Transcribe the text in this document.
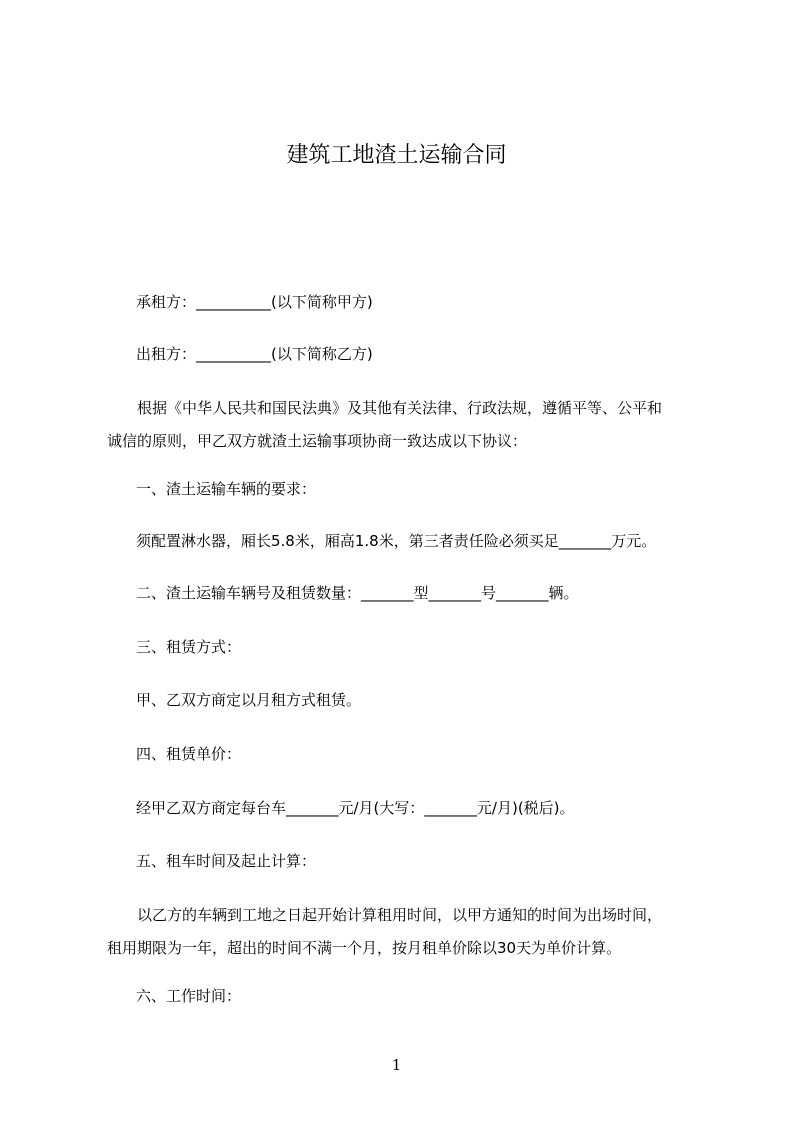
建筑工地渣土运输合同
承租方：__________(以下简称甲方)
出租方：__________(以下简称乙方)
根据《中华人民共和国民法典》及其他有关法律、行政法规，遵循平等、公平和
诚信的原则，甲乙双方就渣土运输事项协商一致达成以下协议：
一、渣土运输车辆的要求：
须配置淋水器，厢长5.8米，厢高1.8米，第三者责任险必须买足_______万元。
二、渣土运输车辆号及租赁数量：_______型_______号_______辆。
三、租赁方式：
甲、乙双方商定以月租方式租赁。
四、租赁单价：
经甲乙双方商定每台车_______元/月(大写：_______元/月)(税后)。
五、租车时间及起止计算：
以乙方的车辆到工地之日起开始计算租用时间，以甲方通知的时间为出场时间，
租用期限为一年，超出的时间不满一个月，按月租单价除以30天为单价计算。
六、工作时间：
1
